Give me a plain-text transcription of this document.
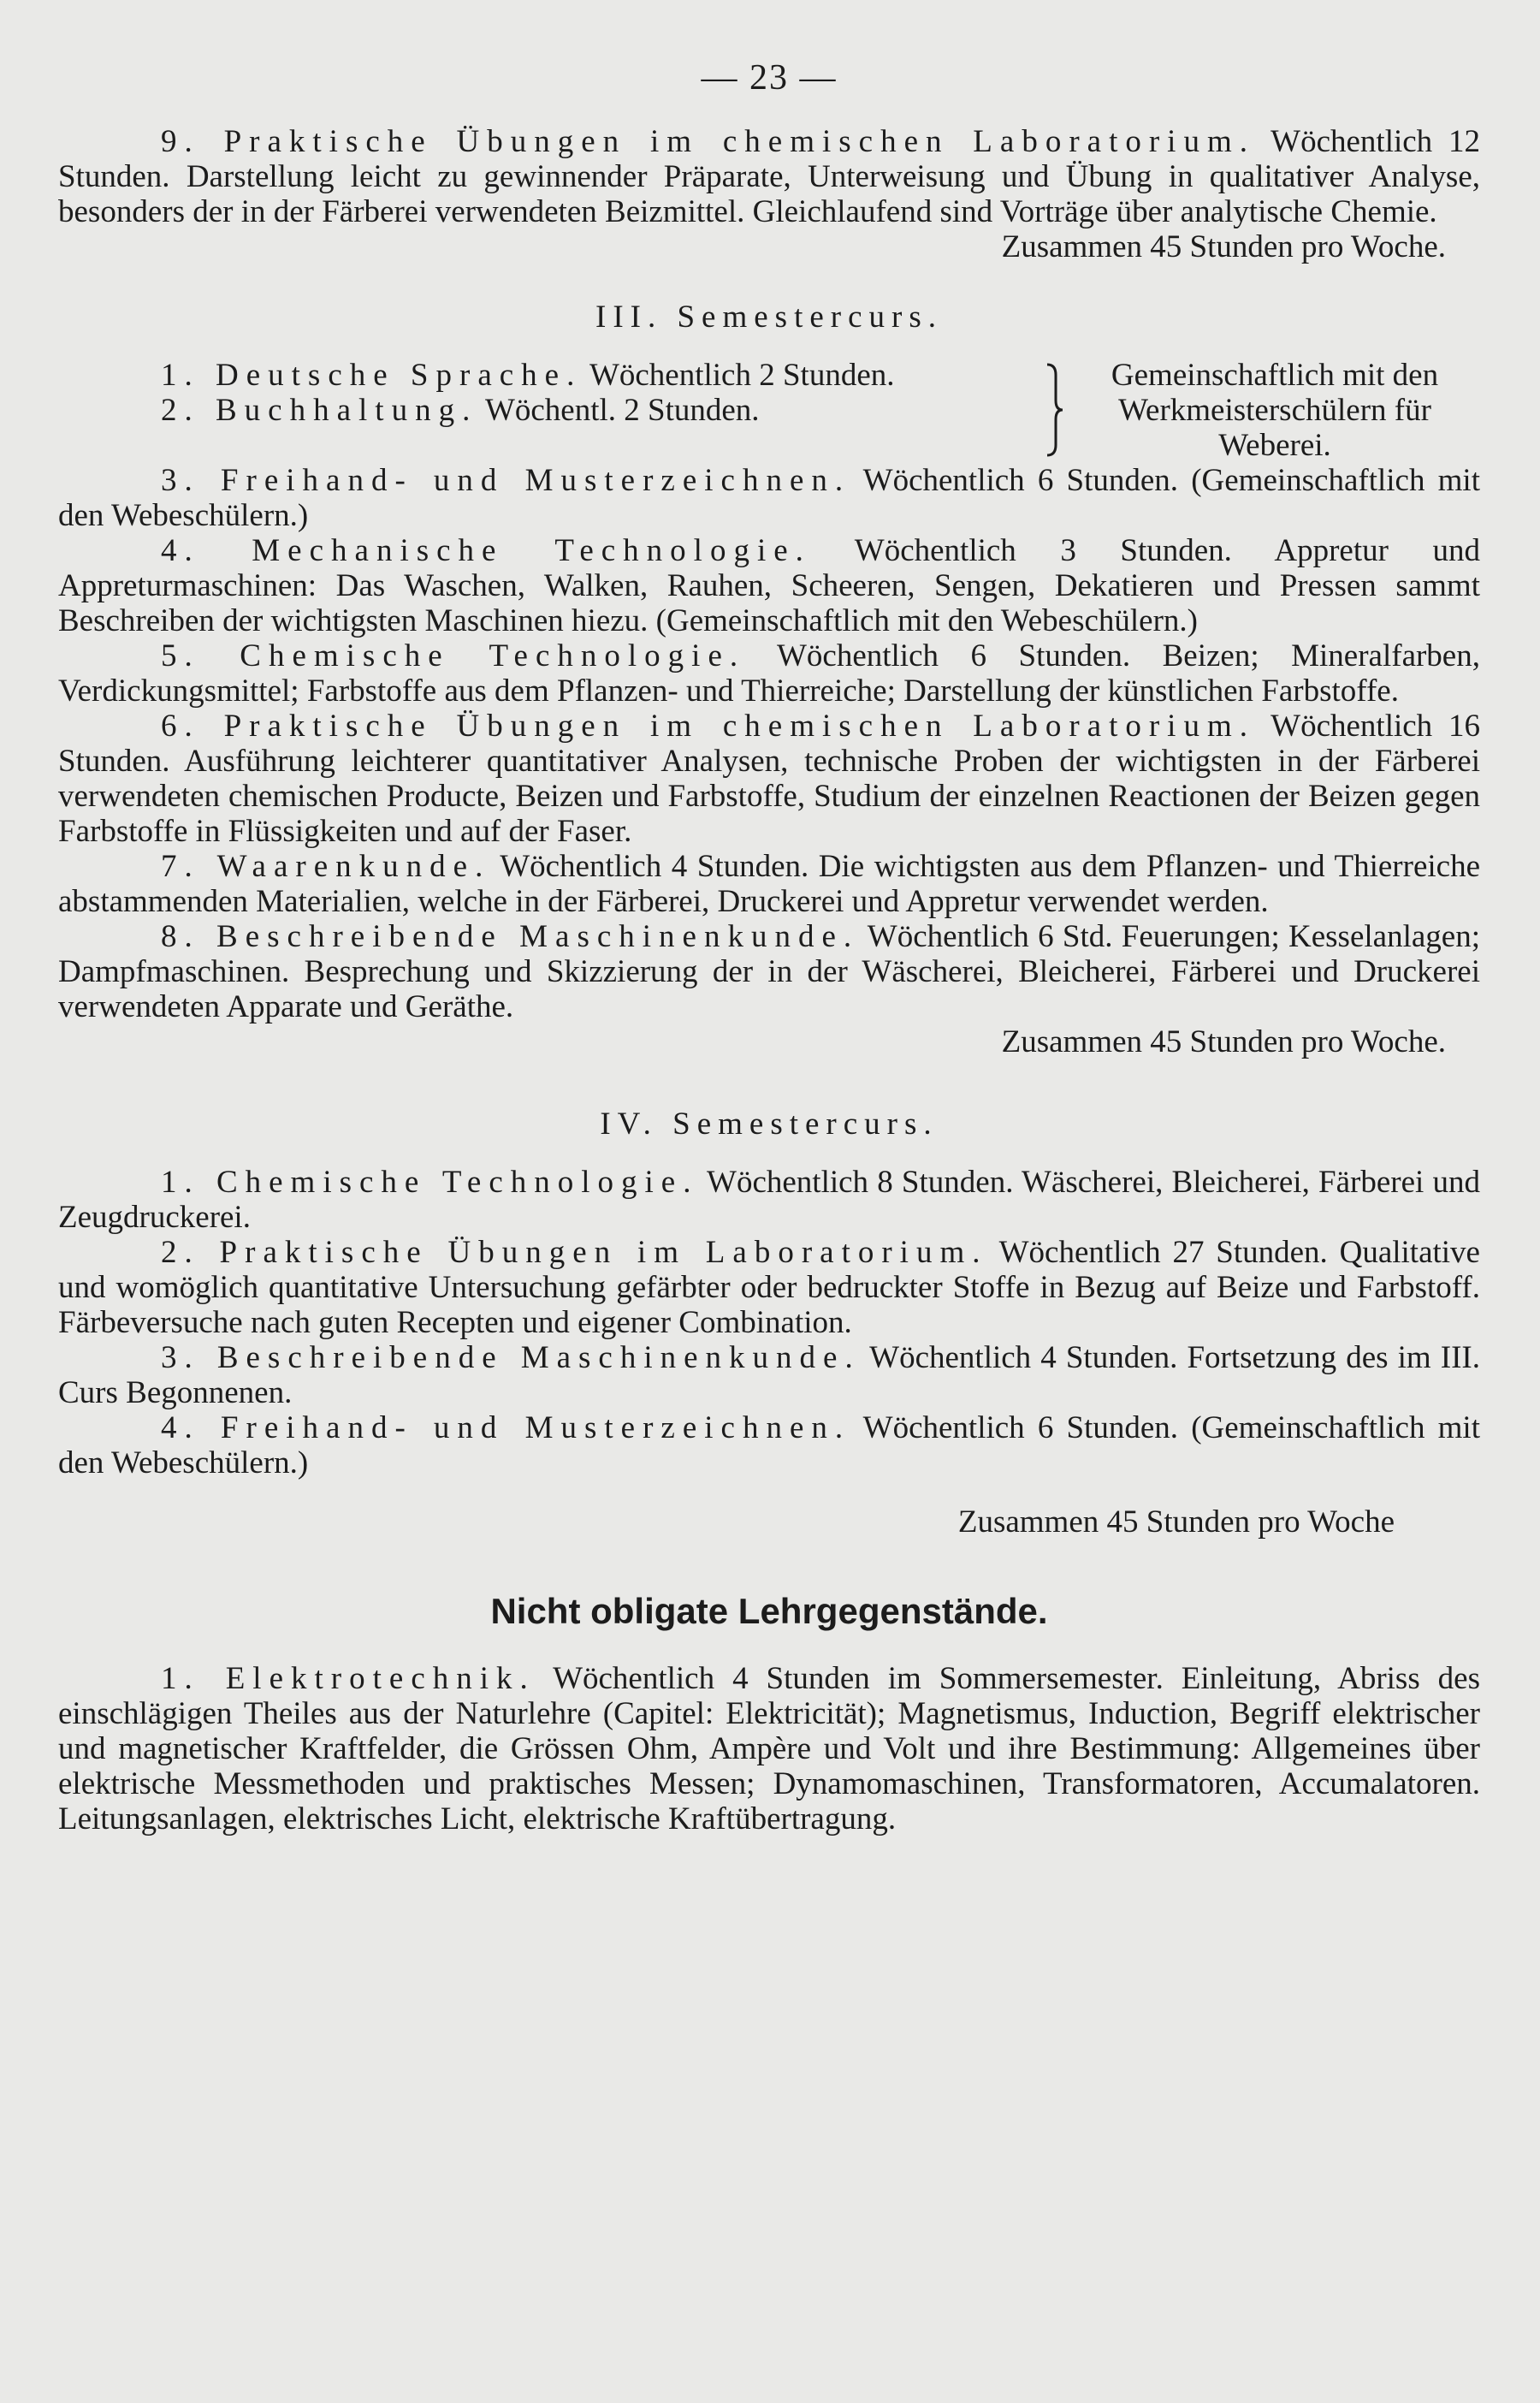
— 23 —

9. Praktische Übungen im chemischen Laboratorium. Wöchentlich 12 Stunden. Darstellung leicht zu gewinnender Präparate, Unterweisung und Übung in qualitativer Analyse, besonders der in der Färberei verwendeten Beizmittel. Gleichlaufend sind Vorträge über analytische Chemie.

Zusammen 45 Stunden pro Woche.

III. Semestercurs.

1. Deutsche Sprache. Wöchentlich 2 Stunden.

2. Buchhaltung. Wöchentl. 2 Stunden.

Gemeinschaftlich mit den Werkmeisterschülern für Weberei.

3. Freihand- und Musterzeichnen. Wöchentlich 6 Stunden. (Gemeinschaftlich mit den Webeschülern.)

4. Mechanische Technologie. Wöchentlich 3 Stunden. Appretur und Appreturmaschinen: Das Waschen, Walken, Rauhen, Scheeren, Sengen, Dekatieren und Pressen sammt Beschreiben der wichtigsten Maschinen hiezu. (Gemeinschaftlich mit den Webeschülern.)

5. Chemische Technologie. Wöchentlich 6 Stunden. Beizen; Mineralfarben, Verdickungsmittel; Farbstoffe aus dem Pflanzen- und Thierreiche; Darstellung der künstlichen Farbstoffe.

6. Praktische Übungen im chemischen Laboratorium. Wöchentlich 16 Stunden. Ausführung leichterer quantitativer Analysen, technische Proben der wichtigsten in der Färberei verwendeten chemischen Producte, Beizen und Farbstoffe, Studium der einzelnen Reactionen der Beizen gegen Farbstoffe in Flüssigkeiten und auf der Faser.

7. Waarenkunde. Wöchentlich 4 Stunden. Die wichtigsten aus dem Pflanzen- und Thierreiche abstammenden Materialien, welche in der Färberei, Druckerei und Appretur verwendet werden.

8. Beschreibende Maschinenkunde. Wöchentlich 6 Std. Feuerungen; Kesselanlagen; Dampfmaschinen. Besprechung und Skizzierung der in der Wäscherei, Bleicherei, Färberei und Druckerei verwendeten Apparate und Geräthe.

Zusammen 45 Stunden pro Woche.

IV. Semestercurs.

1. Chemische Technologie. Wöchentlich 8 Stunden. Wäscherei, Bleicherei, Färberei und Zeugdruckerei.

2. Praktische Übungen im Laboratorium. Wöchentlich 27 Stunden. Qualitative und womöglich quantitative Untersuchung gefärbter oder bedruckter Stoffe in Bezug auf Beize und Farbstoff. Färbeversuche nach guten Recepten und eigener Combination.

3. Beschreibende Maschinenkunde. Wöchentlich 4 Stunden. Fortsetzung des im III. Curs Begonnenen.

4. Freihand- und Musterzeichnen. Wöchentlich 6 Stunden. (Gemeinschaftlich mit den Webeschülern.)

Zusammen 45 Stunden pro Woche

Nicht obligate Lehrgegenstände.

1. Elektrotechnik. Wöchentlich 4 Stunden im Sommersemester. Einleitung, Abriss des einschlägigen Theiles aus der Naturlehre (Capitel: Elektricität); Magnetismus, Induction, Begriff elektrischer und magnetischer Kraftfelder, die Grössen Ohm, Ampère und Volt und ihre Bestimmung: Allgemeines über elektrische Messmethoden und praktisches Messen; Dynamomaschinen, Transformatoren, Accumalatoren. Leitungsanlagen, elektrisches Licht, elektrische Kraftübertragung.
